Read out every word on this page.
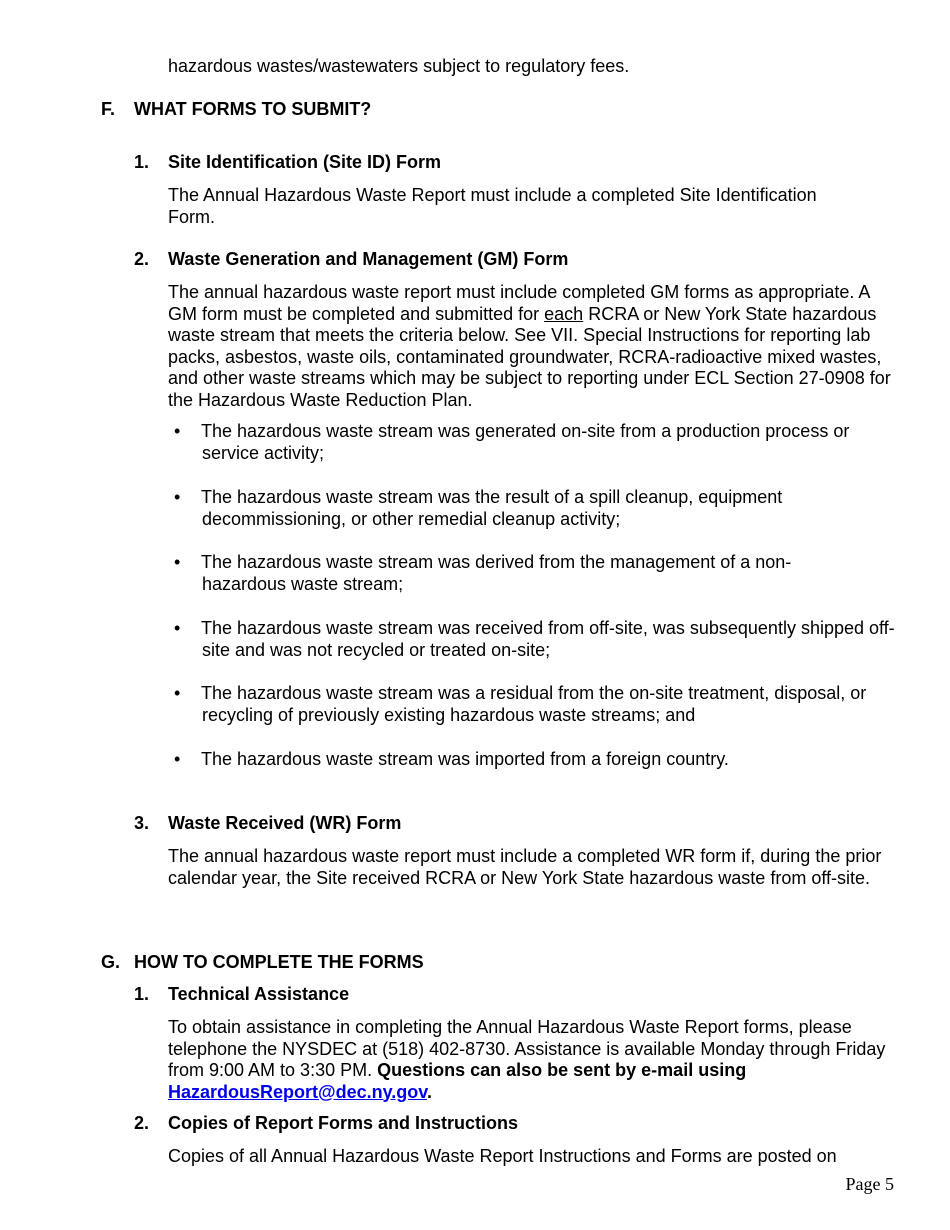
hazardous wastes/wastewaters subject to regulatory fees.
F. WHAT FORMS TO SUBMIT?
1. Site Identification (Site ID) Form
The Annual Hazardous Waste Report must include a completed Site Identification Form.
2. Waste Generation and Management (GM) Form
The annual hazardous waste report must include completed GM forms as appropriate. A GM form must be completed and submitted for each RCRA or New York State hazardous waste stream that meets the criteria below. See VII. Special Instructions for reporting lab packs, asbestos, waste oils, contaminated groundwater, RCRA-radioactive mixed wastes, and other waste streams which may be subject to reporting under ECL Section 27-0908 for the Hazardous Waste Reduction Plan.
• The hazardous waste stream was generated on-site from a production process or service activity;
• The hazardous waste stream was the result of a spill cleanup, equipment decommissioning, or other remedial cleanup activity;
• The hazardous waste stream was derived from the management of a non-hazardous waste stream;
• The hazardous waste stream was received from off-site, was subsequently shipped off-site and was not recycled or treated on-site;
• The hazardous waste stream was a residual from the on-site treatment, disposal, or recycling of previously existing hazardous waste streams; and
• The hazardous waste stream was imported from a foreign country.
3. Waste Received (WR) Form
The annual hazardous waste report must include a completed WR form if, during the prior calendar year, the Site received RCRA or New York State hazardous waste from off-site.
G. HOW TO COMPLETE THE FORMS
1. Technical Assistance
To obtain assistance in completing the Annual Hazardous Waste Report forms, please telephone the NYSDEC at (518) 402-8730. Assistance is available Monday through Friday from 9:00 AM to 3:30 PM. Questions can also be sent by e-mail using HazardousReport@dec.ny.gov.
2. Copies of Report Forms and Instructions
Copies of all Annual Hazardous Waste Report Instructions and Forms are posted on
Page 5
